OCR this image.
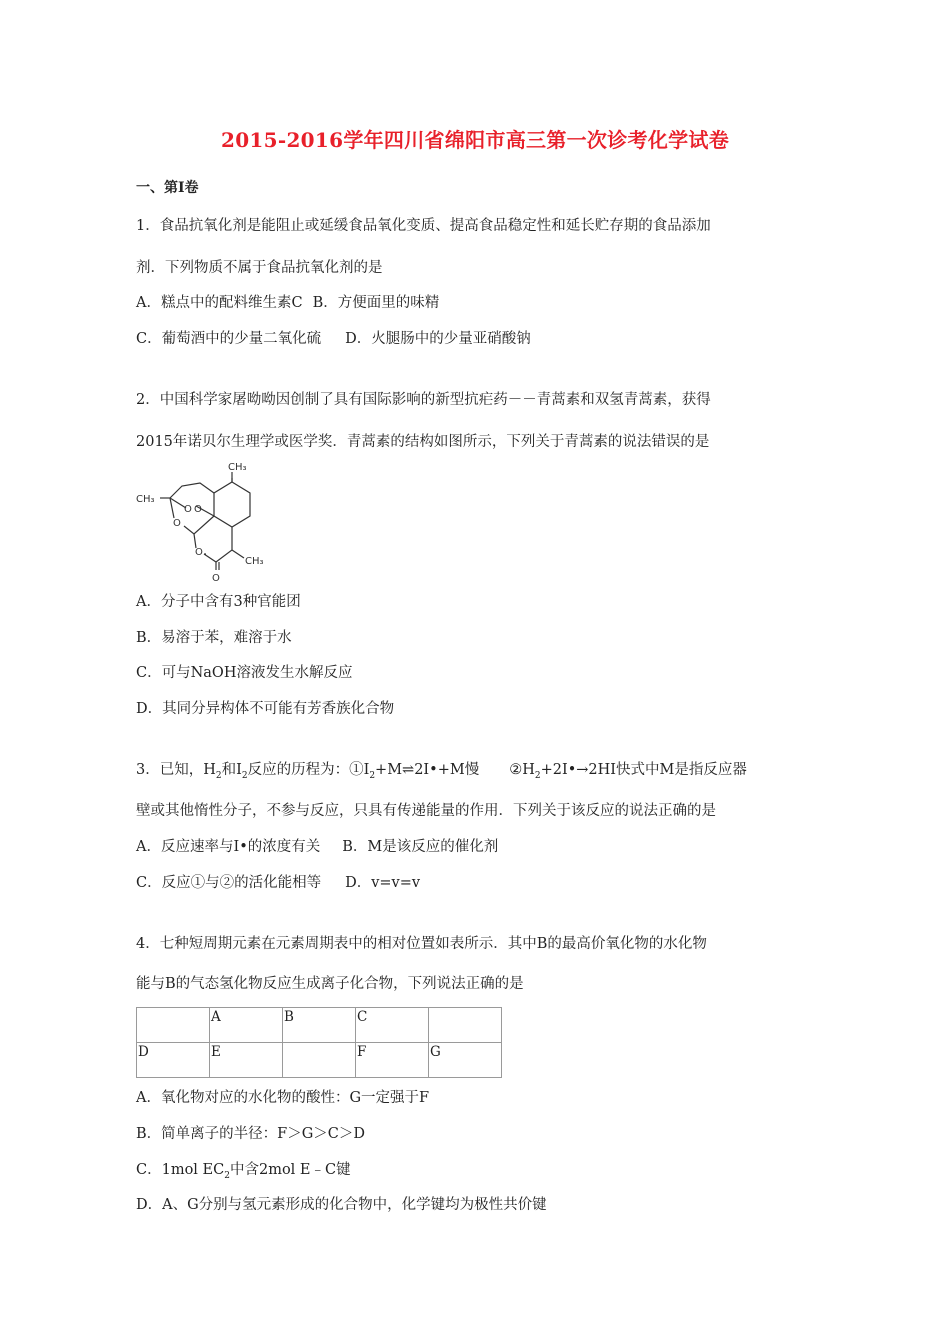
2015-2016学年四川省绵阳市高三第一次诊考化学试卷
一、第Ⅰ卷
1．食品抗氧化剂是能阻止或延缓食品氧化变质、提高食品稳定性和延长贮存期的食品添加
剂．下列物质不属于食品抗氧化剂的是
A．糕点中的配料维生素C B．方便面里的味精
C．葡萄酒中的少量二氧化硫 D．火腿肠中的少量亚硝酸钠
2．中国科学家屠呦呦因创制了具有国际影响的新型抗疟药－－青蒿素和双氢青蒿素，获得
2015年诺贝尔生理学或医学奖．青蒿素的结构如图所示，下列关于青蒿素的说法错误的是
CH₃
CH₃
CH₃
O O
O
O
O
A．分子中含有3种官能团
B．易溶于苯，难溶于水
C．可与NaOH溶液发生水解反应
D．其同分异构体不可能有芳香族化合物
3．已知，$H_2$和$I_2$反应的历程为：$①I_2+M\rightleftharpoons 2I•+M$慢 $②H_2+2I•\to 2HI$快式中M是指反应器
壁或其他惰性分子，不参与反应，只具有传递能量的作用．下列关于该反应的说法正确的是
A．反应速率与I•的浓度有关 B．M是该反应的催化剂
C．反应①与②的活化能相等 D．v=v=v
4．七种短周期元素在元素周期表中的相对位置如表所示．其中B的最高价氧化物的水化物
能与B的气态氢化物反应生成离子化合物，下列说法正确的是
	A	B	C	
D	E		F	G
A．氧化物对应的水化物的酸性：G一定强于F
B．简单离子的半径：F＞G＞C＞D
C．1mol $EC_2$中含2mol E﹣C键
D．A、G分别与氢元素形成的化合物中，化学键均为极性共价键
